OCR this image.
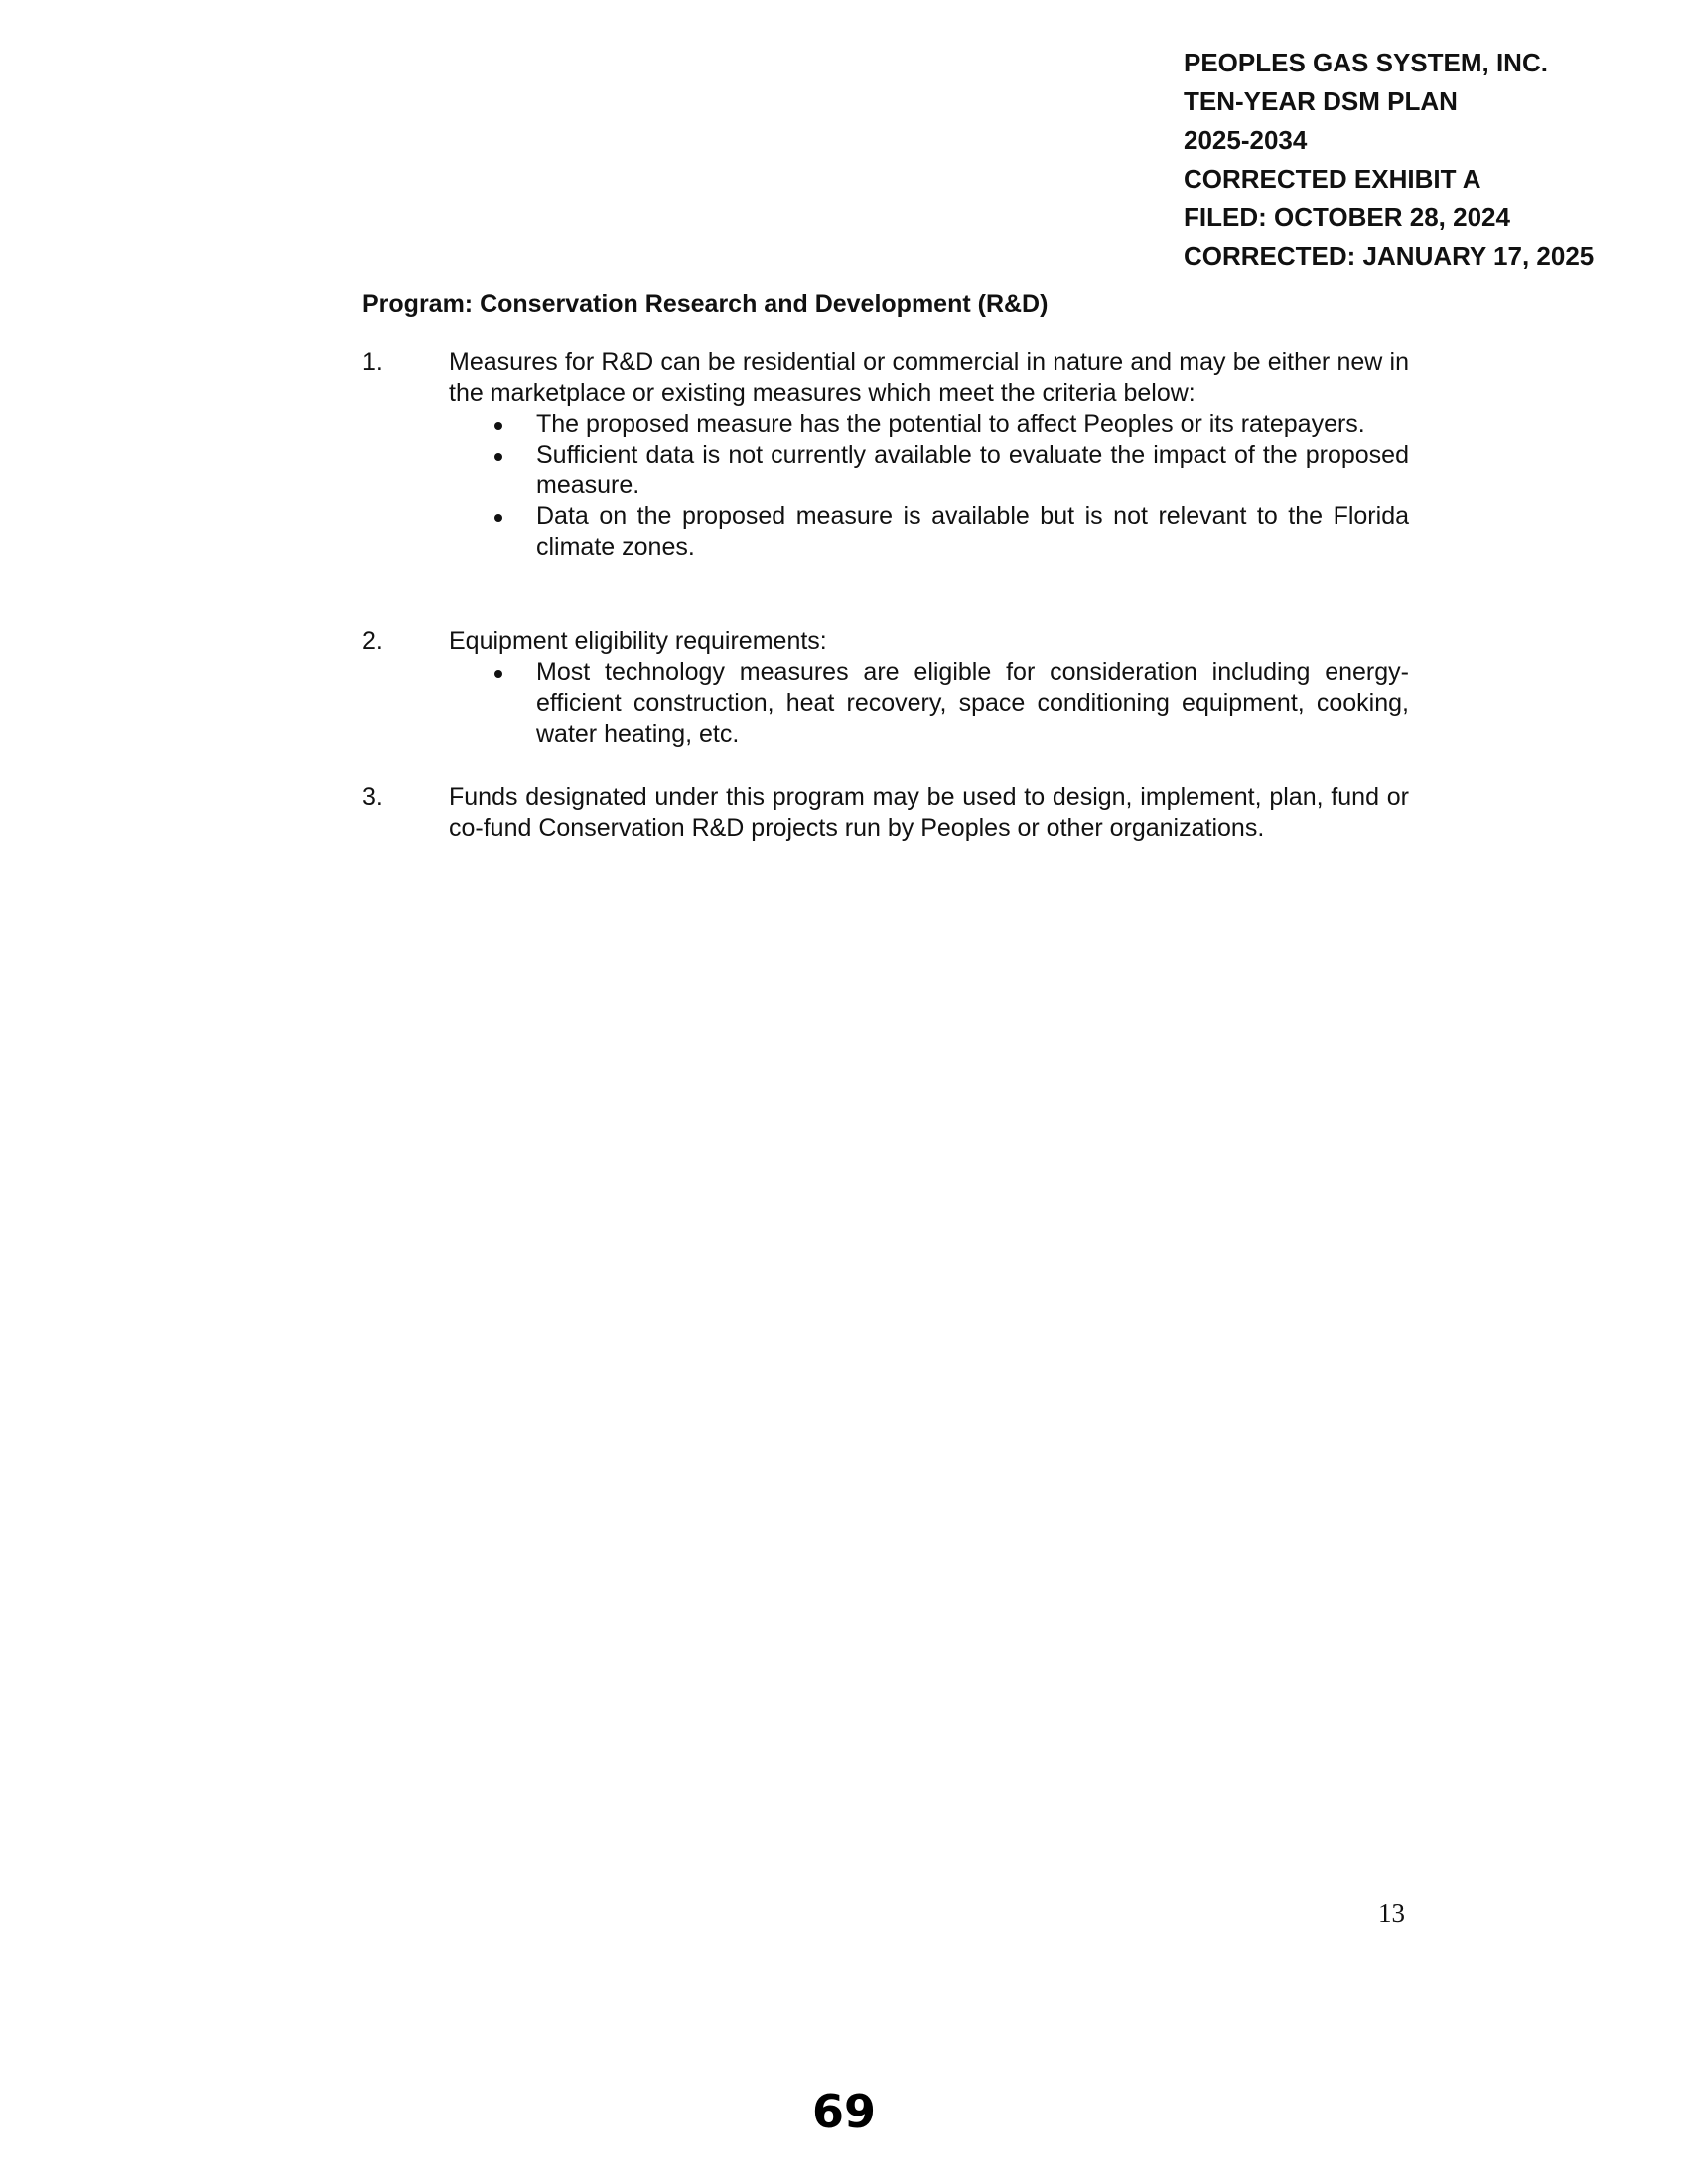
PEOPLES GAS SYSTEM, INC.
TEN-YEAR DSM PLAN
2025-2034
CORRECTED EXHIBIT A
FILED: OCTOBER 28, 2024
CORRECTED: JANUARY 17, 2025
Program: Conservation Research and Development (R&D)
1.	Measures for R&D can be residential or commercial in nature and may be either new in the marketplace or existing measures which meet the criteria below:
The proposed measure has the potential to affect Peoples or its ratepayers.
Sufficient data is not currently available to evaluate the impact of the proposed measure.
Data on the proposed measure is available but is not relevant to the Florida climate zones.
2.	Equipment eligibility requirements:
Most technology measures are eligible for consideration including energy-efficient construction, heat recovery, space conditioning equipment, cooking, water heating, etc.
3.	Funds designated under this program may be used to design, implement, plan, fund or co-fund Conservation R&D projects run by Peoples or other organizations.
13
69
